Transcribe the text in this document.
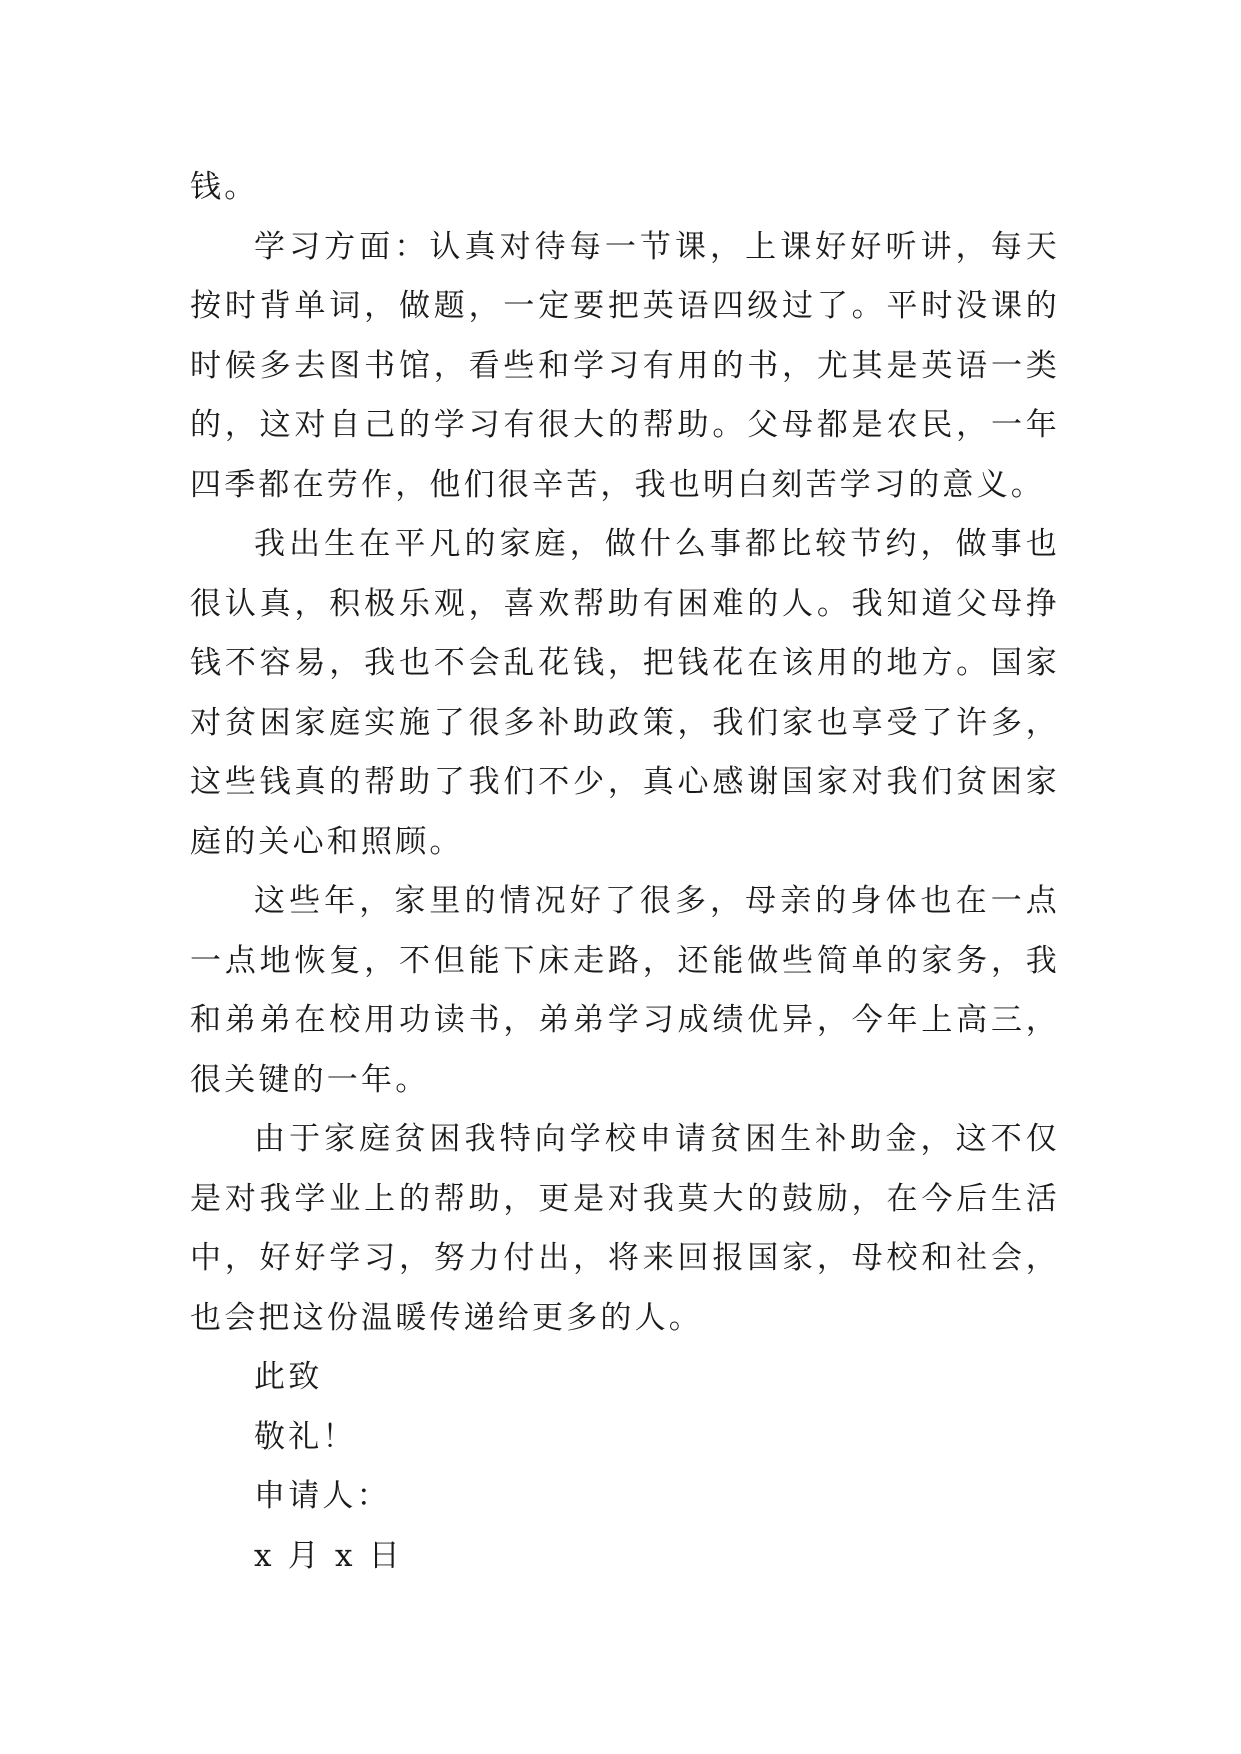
钱。

学习方面：认真对待每一节课，上课好好听讲，每天按时背单词，做题，一定要把英语四级过了。平时没课的时候多去图书馆，看些和学习有用的书，尤其是英语一类的，这对自己的学习有很大的帮助。父母都是农民，一年四季都在劳作，他们很辛苦，我也明白刻苦学习的意义。

我出生在平凡的家庭，做什么事都比较节约，做事也很认真，积极乐观，喜欢帮助有困难的人。我知道父母挣钱不容易，我也不会乱花钱，把钱花在该用的地方。国家对贫困家庭实施了很多补助政策，我们家也享受了许多，这些钱真的帮助了我们不少，真心感谢国家对我们贫困家庭的关心和照顾。

这些年，家里的情况好了很多，母亲的身体也在一点一点地恢复，不但能下床走路，还能做些简单的家务，我和弟弟在校用功读书，弟弟学习成绩优异，今年上高三，很关键的一年。

由于家庭贫困我特向学校申请贫困生补助金，这不仅是对我学业上的帮助，更是对我莫大的鼓励，在今后生活中，好好学习，努力付出，将来回报国家，母校和社会，也会把这份温暖传递给更多的人。

此致

敬礼！

申请人：

x 月 x 日
